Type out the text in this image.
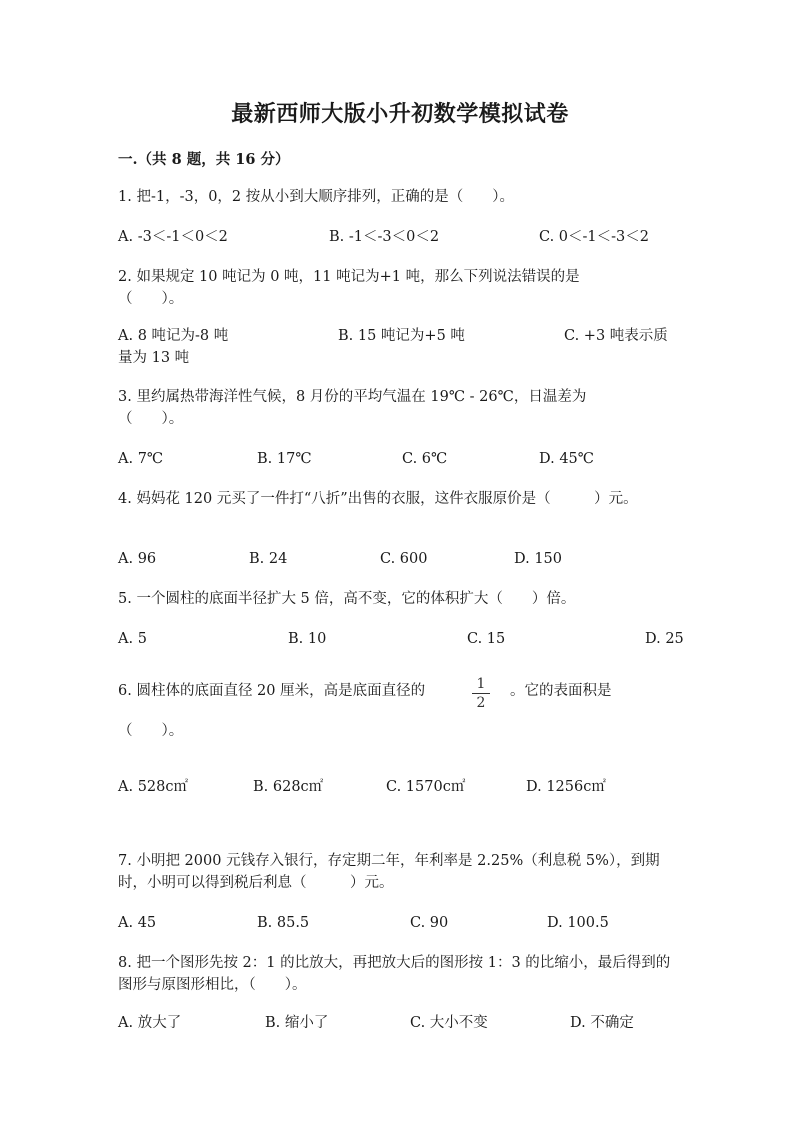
最新西师大版小升初数学模拟试卷
一.（共 8 题，共 16 分）
1. 把-1，-3，0，2 按从小到大顺序排列，正确的是（　　）。
A. -3＜-1＜0＜2	B. -1＜-3＜0＜2	C. 0＜-1＜-3＜2
2. 如果规定 10 吨记为 0 吨，11 吨记为+1 吨，那么下列说法错误的是（　　）。
A. 8 吨记为-8 吨	B. 15 吨记为+5 吨	C. +3 吨表示质量为 13 吨
3. 里约属热带海洋性气候，8 月份的平均气温在 19℃ - 26℃，日温差为（　　）。
A. 7℃	B. 17℃	C. 6℃	D. 45℃
4. 妈妈花 120 元买了一件打“八折”出售的衣服，这件衣服原价是（　　　）元。
A. 96	B. 24	C. 600	D. 150
5. 一个圆柱的底面半径扩大 5 倍，高不变，它的体积扩大（　　）倍。
A. 5	B. 10	C. 15	D. 25
6. 圆柱体的底面直径 20 厘米，高是底面直径的	1
2
。它的表面积是
（　　）。
A. 528c㎡	B. 628c㎡	C. 1570c㎡	D. 1256c㎡
7. 小明把 2000 元钱存入银行，存定期二年，年利率是 2.25%（利息税 5%），到期时，小明可以得到税后利息（　　　）元。
A. 45	B. 85.5	C. 90	D. 100.5
8. 把一个图形先按 2：1 的比放大，再把放大后的图形按 1：3 的比缩小，最后得到的图形与原图形相比，（　　）。
A. 放大了	B. 缩小了	C. 大小不变	D. 不确定
